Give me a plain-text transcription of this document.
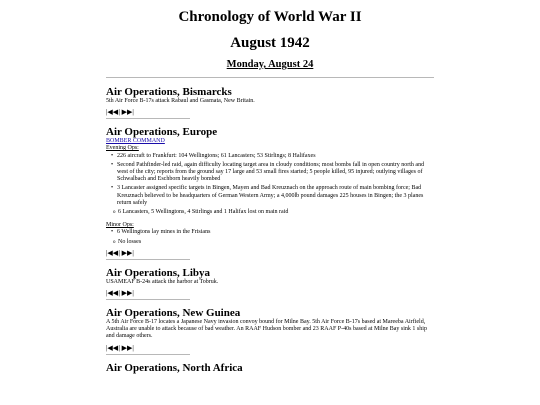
Chronology of World War II
August 1942
Monday, August 24
Air Operations, Bismarcks

5th Air Force B-17s attack Rabaul and Gasmata, New Britain.

|◀◀ | ▶▶|
Air Operations, Europe
BOMBER COMMAND
Evening Ops:
• 226 aircraft to Frankfurt: 104 Wellingtons; 61 Lancasters; 53 Stirlings; 8 Halifaxes
• Second Pathfinder-led raid, again difficulty locating target area in cloudy conditions; most bombs fall in open country north and west of the city; reports from the ground say 17 large and 53 small fires started; 5 people killed, 95 injured; outlying villages of Schwalbach and Eschborn heavily bombed
• 3 Lancaster assigned specific targets in Bingen, Mayen and Bad Kreuznach on the approach route of main bombing force; Bad Kreuznach believed to be headquarters of German Western Army; a 4,000lb pound damages 225 houses in Bingen; the 3 planes return safely
o 6 Lancasters, 5 Wellingtons, 4 Stirlings and 1 Halifax lost on main raid
Minor Ops:
• 6 Wellingtons lay mines in the Frisians
o No losses
|◀◀ | ▶▶|
Air Operations, Libya

USAMEAF B-24s attack the harbor at Tobruk.

|◀◀ | ▶▶|
Air Operations, New Guinea

A 5th Air Force B-17 locates a Japanese Navy invasion convoy bound for Milne Bay. 5th Air Force B-17s based at Mareeba Airfield, Australia are unable to attack because of bad weather. An RAAF Hudson bomber and 23 RAAF P-40s based at Milne Bay sink 1 ship and damage others.

|◀◀ | ▶▶|
Air Operations, North Africa
